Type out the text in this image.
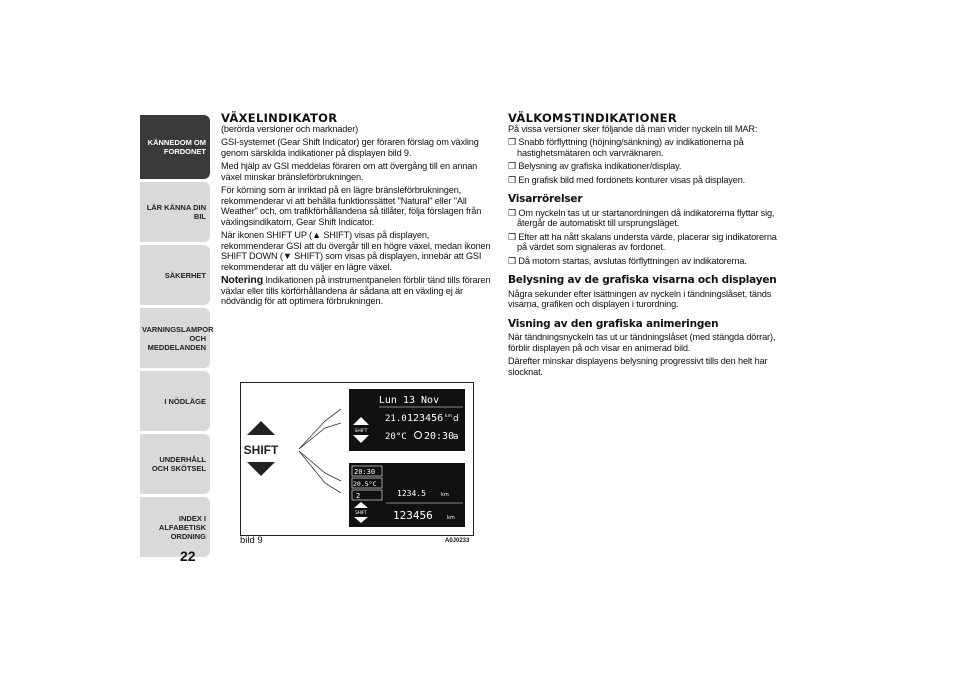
KÄNNEDOM OM FORDONET
LÄR KÄNNA DIN BIL
SÄKERHET
VARNINGSLAMPOR OCH MEDDELANDEN
I NÖDLÄGE
UNDERHÅLL OCH SKÖTSEL
INDEX I ALFABETISK ORDNING
22
VÄXELINDIKATOR

(berörda versioner och marknader)

GSI-systemet (Gear Shift Indicator) ger föraren förslag om växling genom särskilda indikationer på displayen bild 9.

Med hjälp av GSI meddelas föraren om att övergång till en annan växel minskar bränsleförbrukningen.

För körning som är inriktad på en lägre bränsleförbrukningen, rekommenderar vi att behålla funktionssättet "Natural" eller "All Weather" och, om trafikförhållandena så tillåter, följa förslagen från växlingsindikatorn, Gear Shift Indicator.

När ikonen SHIFT UP (▲ SHIFT) visas på displayen, rekommenderar GSI att du övergår till en högre växel, medan ikonen SHIFT DOWN (▼ SHIFT) som visas på displayen, innebär att GSI rekommenderar att du väljer en lägre växel.

Notering Indikationen på instrumentpanelen förblir tänd tills föraren växlar eller tills körförhållandena är sådana att en växling ej är nödvändig för att optimera förbrukningen.

SHIFT
Lun 13 Nov
SHIFT
21.0 123456 km d
20°C 20:30
a
20:30
20.5°C
2
SHIFT
1234.5	km
123456	km
bild 9	A0J0233
VÄLKOMSTINDIKATIONER

På vissa versioner sker följande då man vrider nyckeln till MAR:

❒ Snabb förflyttning (höjning/sänkning) av indikationerna på hastighetsmätaren och varvräknaren.

❒ Belysning av grafiska indikationer/display.

❒ En grafisk bild med fordonets konturer visas på displayen.

Visarrörelser

❒ Om nyckeln tas ut ur startanordningen då indikatorerna flyttar sig, återgår de automatiskt till ursprungsläget.

❒ Efter att ha nått skalans understa värde, placerar sig indikatorerna på värdet som signaleras av fordonet.

❒ Då motorn startas, avslutas förflyttningen av indikatorerna.

Belysning av de grafiska visarna och displayen

Några sekunder efter isättningen av nyckeln i tändningslåset, tänds visarna, grafiken och displayen i turordning.

Visning av den grafiska animeringen

När tändningsnyckeln tas ut ur tändningslåset (med stängda dörrar), förblir displayen på och visar en animerad bild.

Därefter minskar displayens belysning progressivt tills den helt har slocknat.
